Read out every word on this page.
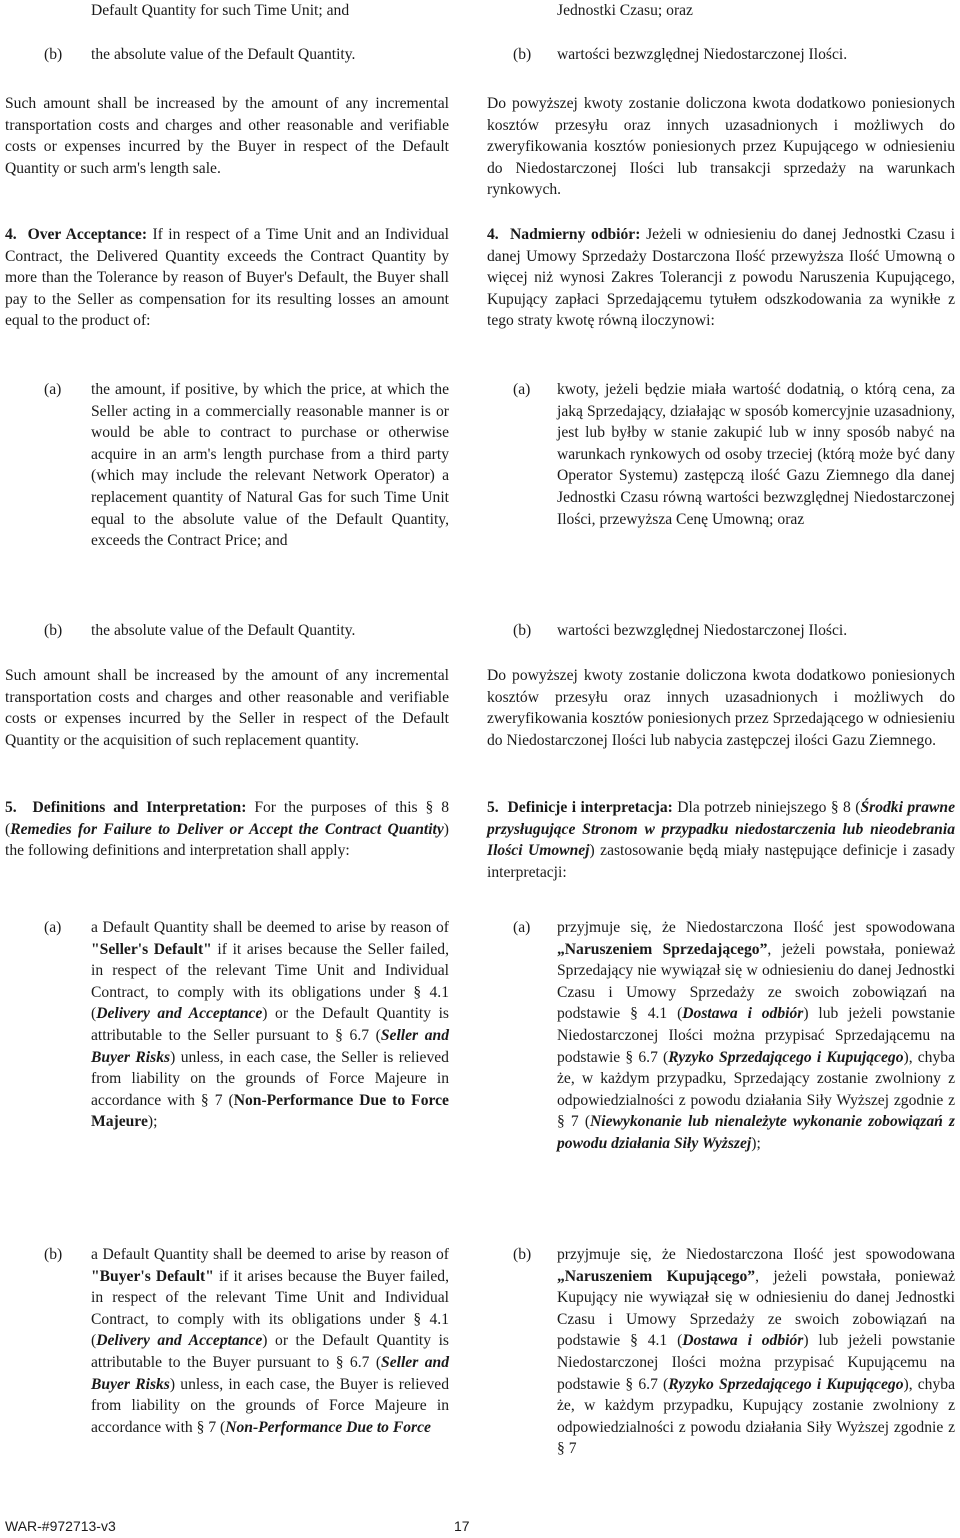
Default Quantity for such Time Unit; and
(b) the absolute value of the Default Quantity.

Such amount shall be increased by the amount of any incremental transportation costs and charges and other reasonable and verifiable costs or expenses incurred by the Buyer in respect of the Default Quantity or such arm's length sale.

4. Over Acceptance: If in respect of a Time Unit and an Individual Contract, the Delivered Quantity exceeds the Contract Quantity by more than the Tolerance by reason of Buyer's Default, the Buyer shall pay to the Seller as compensation for its resulting losses an amount equal to the product of:

(a) the amount, if positive, by which the price, at which the Seller acting in a commercially reasonable manner is or would be able to contract to purchase or otherwise acquire in an arm's length purchase from a third party (which may include the relevant Network Operator) a replacement quantity of Natural Gas for such Time Unit equal to the absolute value of the Default Quantity, exceeds the Contract Price; and
(b) the absolute value of the Default Quantity.

Such amount shall be increased by the amount of any incremental transportation costs and charges and other reasonable and verifiable costs or expenses incurred by the Seller in respect of the Default Quantity or the acquisition of such replacement quantity.

5. Definitions and Interpretation: For the purposes of this § 8 (Remedies for Failure to Deliver or Accept the Contract Quantity) the following definitions and interpretation shall apply:

(a) a Default Quantity shall be deemed to arise by reason of "Seller's Default" if it arises because the Seller failed, in respect of the relevant Time Unit and Individual Contract, to comply with its obligations under § 4.1 (Delivery and Acceptance) or the Default Quantity is attributable to the Seller pursuant to § 6.7 (Seller and Buyer Risks) unless, in each case, the Seller is relieved from liability on the grounds of Force Majeure in accordance with § 7 (Non-Performance Due to Force Majeure);
(b) a Default Quantity shall be deemed to arise by reason of "Buyer's Default" if it arises because the Buyer failed, in respect of the relevant Time Unit and Individual Contract, to comply with its obligations under § 4.1 (Delivery and Acceptance) or the Default Quantity is attributable to the Buyer pursuant to § 6.7 (Seller and Buyer Risks) unless, in each case, the Buyer is relieved from liability on the grounds of Force Majeure in accordance with § 7 (Non-Performance Due to Force
Jednostki Czasu; oraz
(b) wartości bezwzględnej Niedostarczonej Ilości.

Do powyższej kwoty zostanie doliczona kwota dodatkowo poniesionych kosztów przesyłu oraz innych uzasadnionych i możliwych do zweryfikowania kosztów poniesionych przez Kupującego w odniesieniu do Niedostarczonej Ilości lub transakcji sprzedaży na warunkach rynkowych.

4. Nadmierny odbiór: Jeżeli w odniesieniu do danej Jednostki Czasu i danej Umowy Sprzedaży Dostarczona Ilość przewyższa Ilość Umowną o więcej niż wynosi Zakres Tolerancji z powodu Naruszenia Kupującego, Kupujący zapłaci Sprzedającemu tytułem odszkodowania za wynikłe z tego straty kwotę równą iloczynowi:

(a) kwoty, jeżeli będzie miała wartość dodatnią, o którą cena, za jaką Sprzedający, działając w sposób komercyjnie uzasadniony, jest lub byłby w stanie zakupić lub w inny sposób nabyć na warunkach rynkowych od osoby trzeciej (którą może być dany Operator Systemu) zastępczą ilość Gazu Ziemnego dla danej Jednostki Czasu równą wartości bezwzględnej Niedostarczonej Ilości, przewyższa Cenę Umowną; oraz
(b) wartości bezwzględnej Niedostarczonej Ilości.

Do powyższej kwoty zostanie doliczona kwota dodatkowo poniesionych kosztów przesyłu oraz innych uzasadnionych i możliwych do zweryfikowania kosztów poniesionych przez Sprzedającego w odniesieniu do Niedostarczonej Ilości lub nabycia zastępczej ilości Gazu Ziemnego.

5. Definicje i interpretacja: Dla potrzeb niniejszego § 8 (Środki prawne przysługujące Stronom w przypadku niedostarczenia lub nieodebrania Ilości Umownej) zastosowanie będą miały następujące definicje i zasady interpretacji:

(a) przyjmuje się, że Niedostarczona Ilość jest spowodowana „Naruszeniem Sprzedającego”, jeżeli powstała, ponieważ Sprzedający nie wywiązał się w odniesieniu do danej Jednostki Czasu i Umowy Sprzedaży ze swoich zobowiązań na podstawie § 4.1 (Dostawa i odbiór) lub jeżeli powstanie Niedostarczonej Ilości można przypisać Sprzedającemu na podstawie § 6.7 (Ryzyko Sprzedającego i Kupującego), chyba że, w każdym przypadku, Sprzedający zostanie zwolniony z odpowiedzialności z powodu działania Siły Wyższej zgodnie z § 7 (Niewykonanie lub nienależyte wykonanie zobowiązań z powodu działania Siły Wyższej);
(b) przyjmuje się, że Niedostarczona Ilość jest spowodowana „Naruszeniem Kupującego”, jeżeli powstała, ponieważ Kupujący nie wywiązał się w odniesieniu do danej Jednostki Czasu i Umowy Sprzedaży ze swoich zobowiązań na podstawie § 4.1 (Dostawa i odbiór) lub jeżeli powstanie Niedostarczonej Ilości można przypisać Kupującemu na podstawie § 6.7 (Ryzyko Sprzedającego i Kupującego), chyba że, w każdym przypadku, Kupujący zostanie zwolniony z odpowiedzialności z powodu działania Siły Wyższej zgodnie z § 7
WAR-#972713-v3	17
